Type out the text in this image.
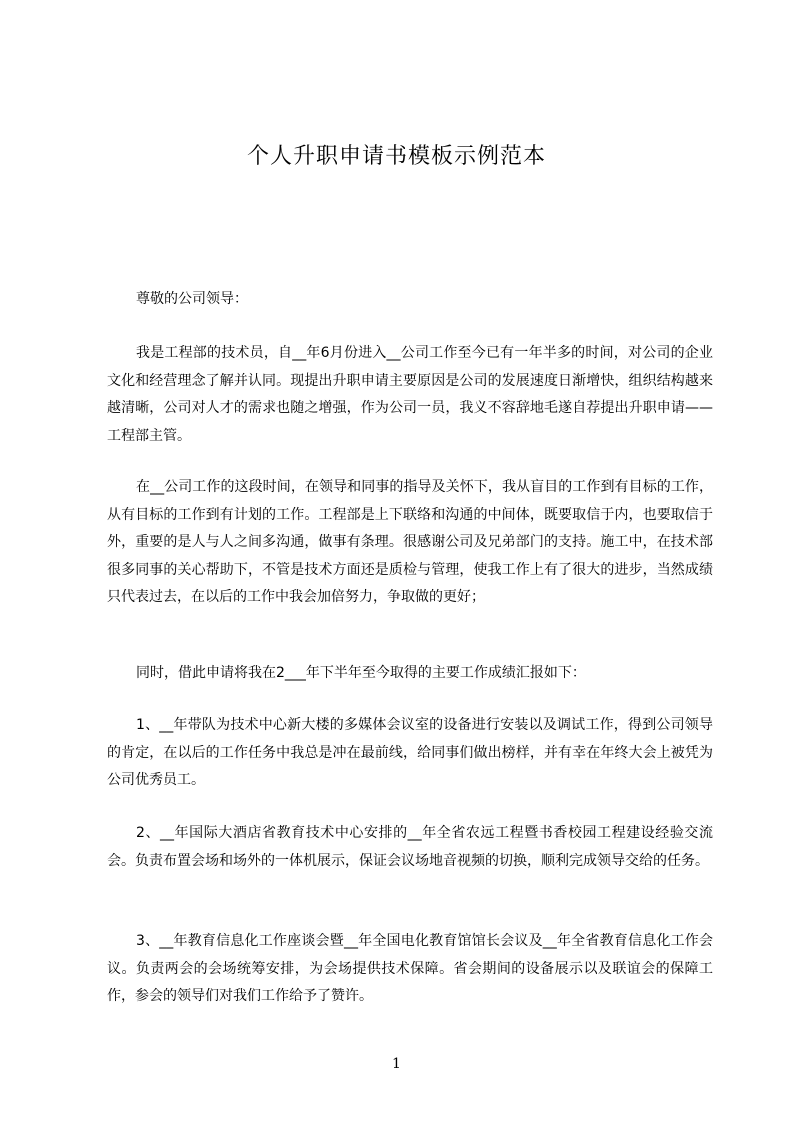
个人升职申请书模板示例范本
尊敬的公司领导：

我是工程部的技术员，自__年6月份进入__公司工作至今已有一年半多的时间，对公司的企业文化和经营理念了解并认同。现提出升职申请主要原因是公司的发展速度日渐增快，组织结构越来越清晰，公司对人才的需求也随之增强，作为公司一员，我义不容辞地毛遂自荐提出升职申请——工程部主管。

在__公司工作的这段时间，在领导和同事的指导及关怀下，我从盲目的工作到有目标的工作，从有目标的工作到有计划的工作。工程部是上下联络和沟通的中间体，既要取信于内，也要取信于外，重要的是人与人之间多沟通，做事有条理。很感谢公司及兄弟部门的支持。施工中，在技术部很多同事的关心帮助下，不管是技术方面还是质检与管理，使我工作上有了很大的进步，当然成绩只代表过去，在以后的工作中我会加倍努力，争取做的更好；

同时，借此申请将我在2___年下半年至今取得的主要工作成绩汇报如下：

1、__年带队为技术中心新大楼的多媒体会议室的设备进行安装以及调试工作，得到公司领导的肯定，在以后的工作任务中我总是冲在最前线，给同事们做出榜样，并有幸在年终大会上被凭为公司优秀员工。

2、__年国际大酒店省教育技术中心安排的__年全省农远工程暨书香校园工程建设经验交流会。负责布置会场和场外的一体机展示，保证会议场地音视频的切换，顺利完成领导交给的任务。

3、__年教育信息化工作座谈会暨__年全国电化教育馆馆长会议及__年全省教育信息化工作会议。负责两会的会场统筹安排，为会场提供技术保障。省会期间的设备展示以及联谊会的保障工作，参会的领导们对我们工作给予了赞许。

1
